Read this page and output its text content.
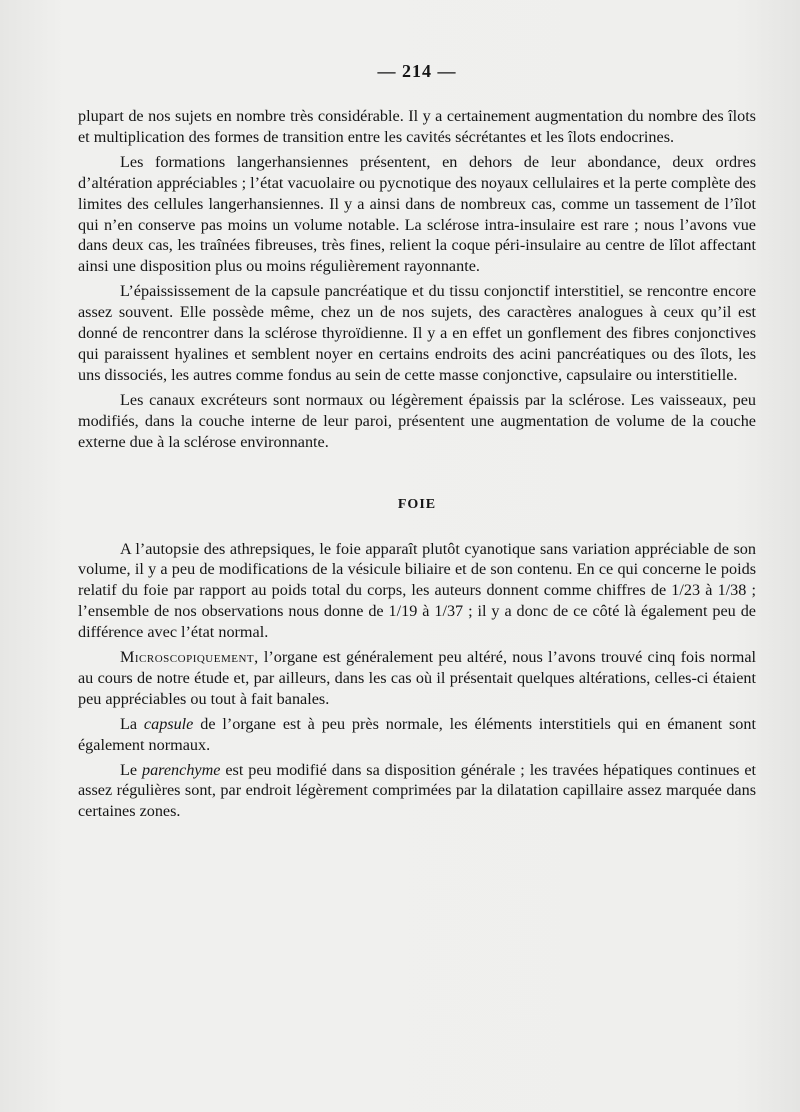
— 214 —

plupart de nos sujets en nombre très considérable. Il y a certainement augmentation du nombre des îlots et multiplication des formes de transition entre les cavités sécrétantes et les îlots endocrines.

Les formations langerhansiennes présentent, en dehors de leur abondance, deux ordres d’altération appréciables ; l’état vacuolaire ou pycnotique des noyaux cellulaires et la perte complète des limites des cellules langerhansiennes. Il y a ainsi dans de nombreux cas, comme un tassement de l’îlot qui n’en conserve pas moins un volume notable. La sclérose intra-insulaire est rare ; nous l’avons vue dans deux cas, les traînées fibreuses, très fines, relient la coque péri-insulaire au centre de lîlot affectant ainsi une disposition plus ou moins régulièrement rayonnante.

L’épaississement de la capsule pancréatique et du tissu conjonctif interstitiel, se rencontre encore assez souvent. Elle possède même, chez un de nos sujets, des caractères analogues à ceux qu’il est donné de rencontrer dans la sclérose thyroïdienne. Il y a en effet un gonflement des fibres conjonctives qui paraissent hyalines et semblent noyer en certains endroits des acini pancréatiques ou des îlots, les uns dissociés, les autres comme fondus au sein de cette masse conjonctive, capsulaire ou interstitielle.

Les canaux excréteurs sont normaux ou légèrement épaissis par la sclérose. Les vaisseaux, peu modifiés, dans la couche interne de leur paroi, présentent une augmentation de volume de la couche externe due à la sclérose environnante.

FOIE

A l’autopsie des athrepsiques, le foie apparaît plutôt cyanotique sans variation appréciable de son volume, il y a peu de modifications de la vésicule biliaire et de son contenu. En ce qui concerne le poids relatif du foie par rapport au poids total du corps, les auteurs donnent comme chiffres de 1/23 à 1/38 ; l’ensemble de nos observations nous donne de 1/19 à 1/37 ; il y a donc de ce côté là également peu de différence avec l’état normal.

Microscopiquement, l’organe est généralement peu altéré, nous l’avons trouvé cinq fois normal au cours de notre étude et, par ailleurs, dans les cas où il présentait quelques altérations, celles-ci étaient peu appréciables ou tout à fait banales.

La capsule de l’organe est à peu près normale, les éléments interstitiels qui en émanent sont également normaux.

Le parenchyme est peu modifié dans sa disposition générale ; les travées hépatiques continues et assez régulières sont, par endroit légèrement comprimées par la dilatation capillaire assez marquée dans certaines zones.
